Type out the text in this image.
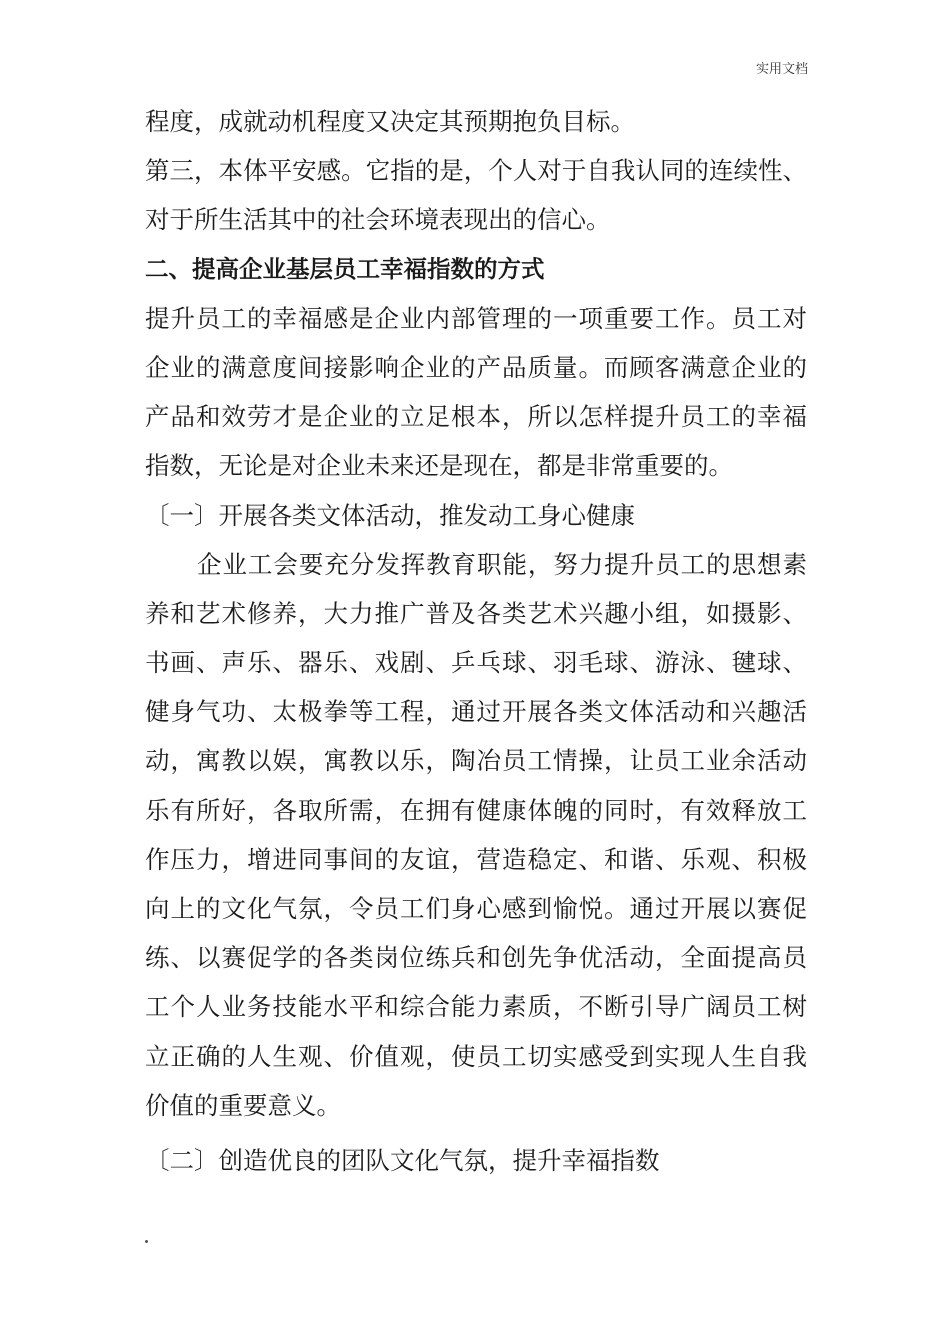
实用文档
程度，成就动机程度又决定其预期抱负目标。
第三，本体平安感。它指的是，个人对于自我认同的连续性、
对于所生活其中的社会环境表现出的信心。
二、提高企业基层员工幸福指数的方式
提升员工的幸福感是企业内部管理的一项重要工作。员工对
企业的满意度间接影响企业的产品质量。而顾客满意企业的
产品和效劳才是企业的立足根本，所以怎样提升员工的幸福
指数，无论是对企业未来还是现在，都是非常重要的。
〔一〕开展各类文体活动，推发动工身心健康
企业工会要充分发挥教育职能，努力提升员工的思想素
养和艺术修养，大力推广普及各类艺术兴趣小组，如摄影、
书画、声乐、器乐、戏剧、乒乓球、羽毛球、游泳、毽球、
健身气功、太极拳等工程，通过开展各类文体活动和兴趣活
动，寓教以娱，寓教以乐，陶冶员工情操，让员工业余活动
乐有所好，各取所需，在拥有健康体魄的同时，有效释放工
作压力，增进同事间的友谊，营造稳定、和谐、乐观、积极
向上的文化气氛，令员工们身心感到愉悦。通过开展以赛促
练、以赛促学的各类岗位练兵和创先争优活动，全面提高员
工个人业务技能水平和综合能力素质，不断引导广阔员工树
立正确的人生观、价值观，使员工切实感受到实现人生自我
价值的重要意义。
〔二〕创造优良的团队文化气氛，提升幸福指数
